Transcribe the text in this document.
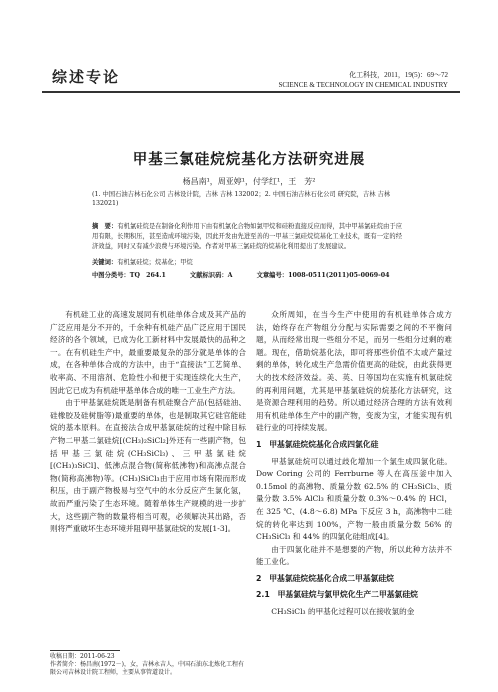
综述专论	化工科技，2011，19(5)：69～72
SCIENCE & TECHNOLOGY IN CHEMICAL INDUSTRY
甲基三氯硅烷烷基化方法研究进展
杨昌南¹，周亚婷¹，付学红¹，王　芳²
(1. 中国石油吉林石化公司 吉林设计院，吉林 吉林 132002；2. 中国石油吉林石化公司 研究院，吉林 吉林 132021)
摘　要：有机氯硅烷是在制备化利作用下由有机氯化合物如氯甲烷和硅粉直接反应而得，其中甲基氯硅烷由于应用有限，长期积压，甚至造成环境污染，因此开发由先进至善的一甲基三氯硅烷烷基化工业技术，既有一定的经济效益，同时又有减少浪费与环境污染。作者对甲基三氯硅烷的烷基化利用提出了发展建议。
关键词：有机氯硅烷；烷基化；甲烷
中图分类号：TQ 264.1	文献标识码：A	文章编号：1008-0511(2011)05-0069-04

有机硅工业的高速发展同有机硅单体合成及其产品的广泛应用是分不开的，千余种有机硅产品广泛应用于国民经济的各个领域，已成为化工新材料中发展最快的品种之一。在有机硅生产中，最重要最复杂的部分就是单体的合成，在各种单体合成的方法中，由于“直接法”工艺简单、收率高、不用溶剂、危险性小和便于实现连续化大生产，因此它已成为有机硅甲基单体合成的唯一工业生产方法。

由于甲基氯硅烷既是制备有机硅聚合产品(包括硅油、硅橡胶及硅树脂等)最重要的单体，也是制取其它硅官能硅烷的基本原料。在直接法合成甲基氯硅烷的过程中除目标产物二甲基二氯硅烷[(CH₃)₂SiCl₂]外还有一些副产物，包括甲基三氯硅烷(CH₃SiCl₃)、三甲基氯硅烷[(CH₃)₃SiCl]、低沸点混合物(简称低沸物)和高沸点混合物(简称高沸物)等。(CH₃)SiCl₃由于应用市场有限而形成积压，由于副产物极易与空气中的水分反应产生氯化氢，故而严重污染了生态环境。随着单体生产规模的进一步扩大，这些副产物的数量将相当可观，必须解决其出路，否则将严重破坏生态环境并阻碍甲基氯硅烷的发展[1-3]。

众所周知，在当今生产中使用的有机硅单体合成方法，始终存在产物组分分配与实际需要之间的不平衡问题，从而经常出现一些组分不足，而另一些组分过剩的难题。现在，借助烷基化法，即可将那些价值不太或产量过剩的单体，转化成生产急需价值更高的硅烷，由此获得更大的技术经济效益。美、英、日等国均在实施有机氯硅烷的再利用问题，尤其是甲基氯硅烷的烷基化方法研究，这是资源合理利用的趋势。所以通过经济合理的方法有效利用有机硅单体生产中的副产物，变废为宝，才能实现有机硅行业的可持续发展。

1　甲基氯硅烷烷基化合成四氯化硅

甲基氯硅烷可以通过歧化增加一个氯生成四氯化硅。Dow Coring 公司的 Ferrburne 等人在高压釜中加入 0.15mol 的高沸物、质量分数 62.5% 的 CH₃SiCl₃、质量分数 3.5% AlCl₃ 和质量分数 0.3%～0.4% 的 HCl，在 325 ℃、(4.8～6.8) MPa 下反应 3 h，高沸物中二硅烷的转化率达到 100%，产物一般由质量分数 56% 的 CH₃SiCl₃ 和 44% 的四氯化硅组成[4]。

由于四氯化硅并不是想要的产物，所以此种方法并不能工业化。

2　甲基氯硅烷烷基化合成二甲基氯硅烷
2.1　甲基氯硅烷与氯甲烷化生产二甲基氯硅烷

CH₃SiCl₃ 的甲基化过程可以在接收氯的金

收稿日期：2011-06-23
作者简介：杨昌南(1972－)，女，吉林永吉人，中国石油东北炼化工程有限公司吉林设计院工程师，主要从事管道设计。
